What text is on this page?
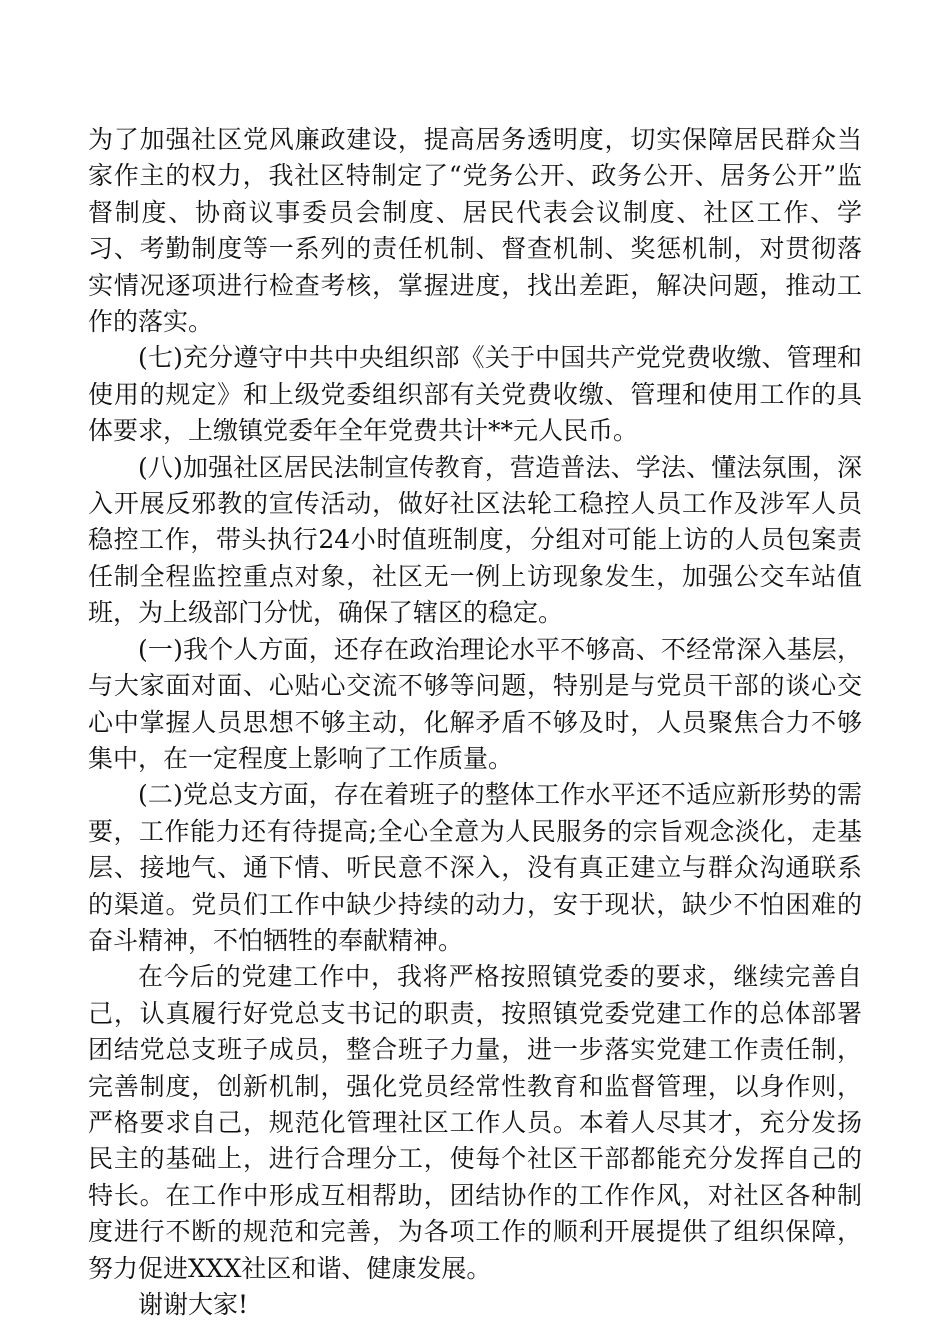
为了加强社区党风廉政建设，提高居务透明度，切实保障居民群众当家作主的权力，我社区特制定了“党务公开、政务公开、居务公开”监督制度、协商议事委员会制度、居民代表会议制度、社区工作、学习、考勤制度等一系列的责任机制、督查机制、奖惩机制，对贯彻落实情况逐项进行检查考核，掌握进度，找出差距，解决问题，推动工作的落实。

(七)充分遵守中共中央组织部《关于中国共产党党费收缴、管理和使用的规定》和上级党委组织部有关党费收缴、管理和使用工作的具体要求，上缴镇党委年全年党费共计**元人民币。

(八)加强社区居民法制宣传教育，营造普法、学法、懂法氛围，深入开展反邪教的宣传活动，做好社区法轮工稳控人员工作及涉军人员稳控工作，带头执行24小时值班制度，分组对可能上访的人员包案责任制全程监控重点对象，社区无一例上访现象发生，加强公交车站值班，为上级部门分忧，确保了辖区的稳定。

(一)我个人方面，还存在政治理论水平不够高、不经常深入基层，与大家面对面、心贴心交流不够等问题，特别是与党员干部的谈心交心中掌握人员思想不够主动，化解矛盾不够及时，人员聚焦合力不够集中，在一定程度上影响了工作质量。

(二)党总支方面，存在着班子的整体工作水平还不适应新形势的需要，工作能力还有待提高;全心全意为人民服务的宗旨观念淡化，走基层、接地气、通下情、听民意不深入，没有真正建立与群众沟通联系的渠道。党员们工作中缺少持续的动力，安于现状，缺少不怕困难的奋斗精神，不怕牺牲的奉献精神。

在今后的党建工作中，我将严格按照镇党委的要求，继续完善自己，认真履行好党总支书记的职责，按照镇党委党建工作的总体部署团结党总支班子成员，整合班子力量，进一步落实党建工作责任制，完善制度，创新机制，强化党员经常性教育和监督管理，以身作则，严格要求自己，规范化管理社区工作人员。本着人尽其才，充分发扬民主的基础上，进行合理分工，使每个社区干部都能充分发挥自己的特长。在工作中形成互相帮助，团结协作的工作作风，对社区各种制度进行不断的规范和完善，为各项工作的顺利开展提供了组织保障，努力促进XXX社区和谐、健康发展。

谢谢大家!
